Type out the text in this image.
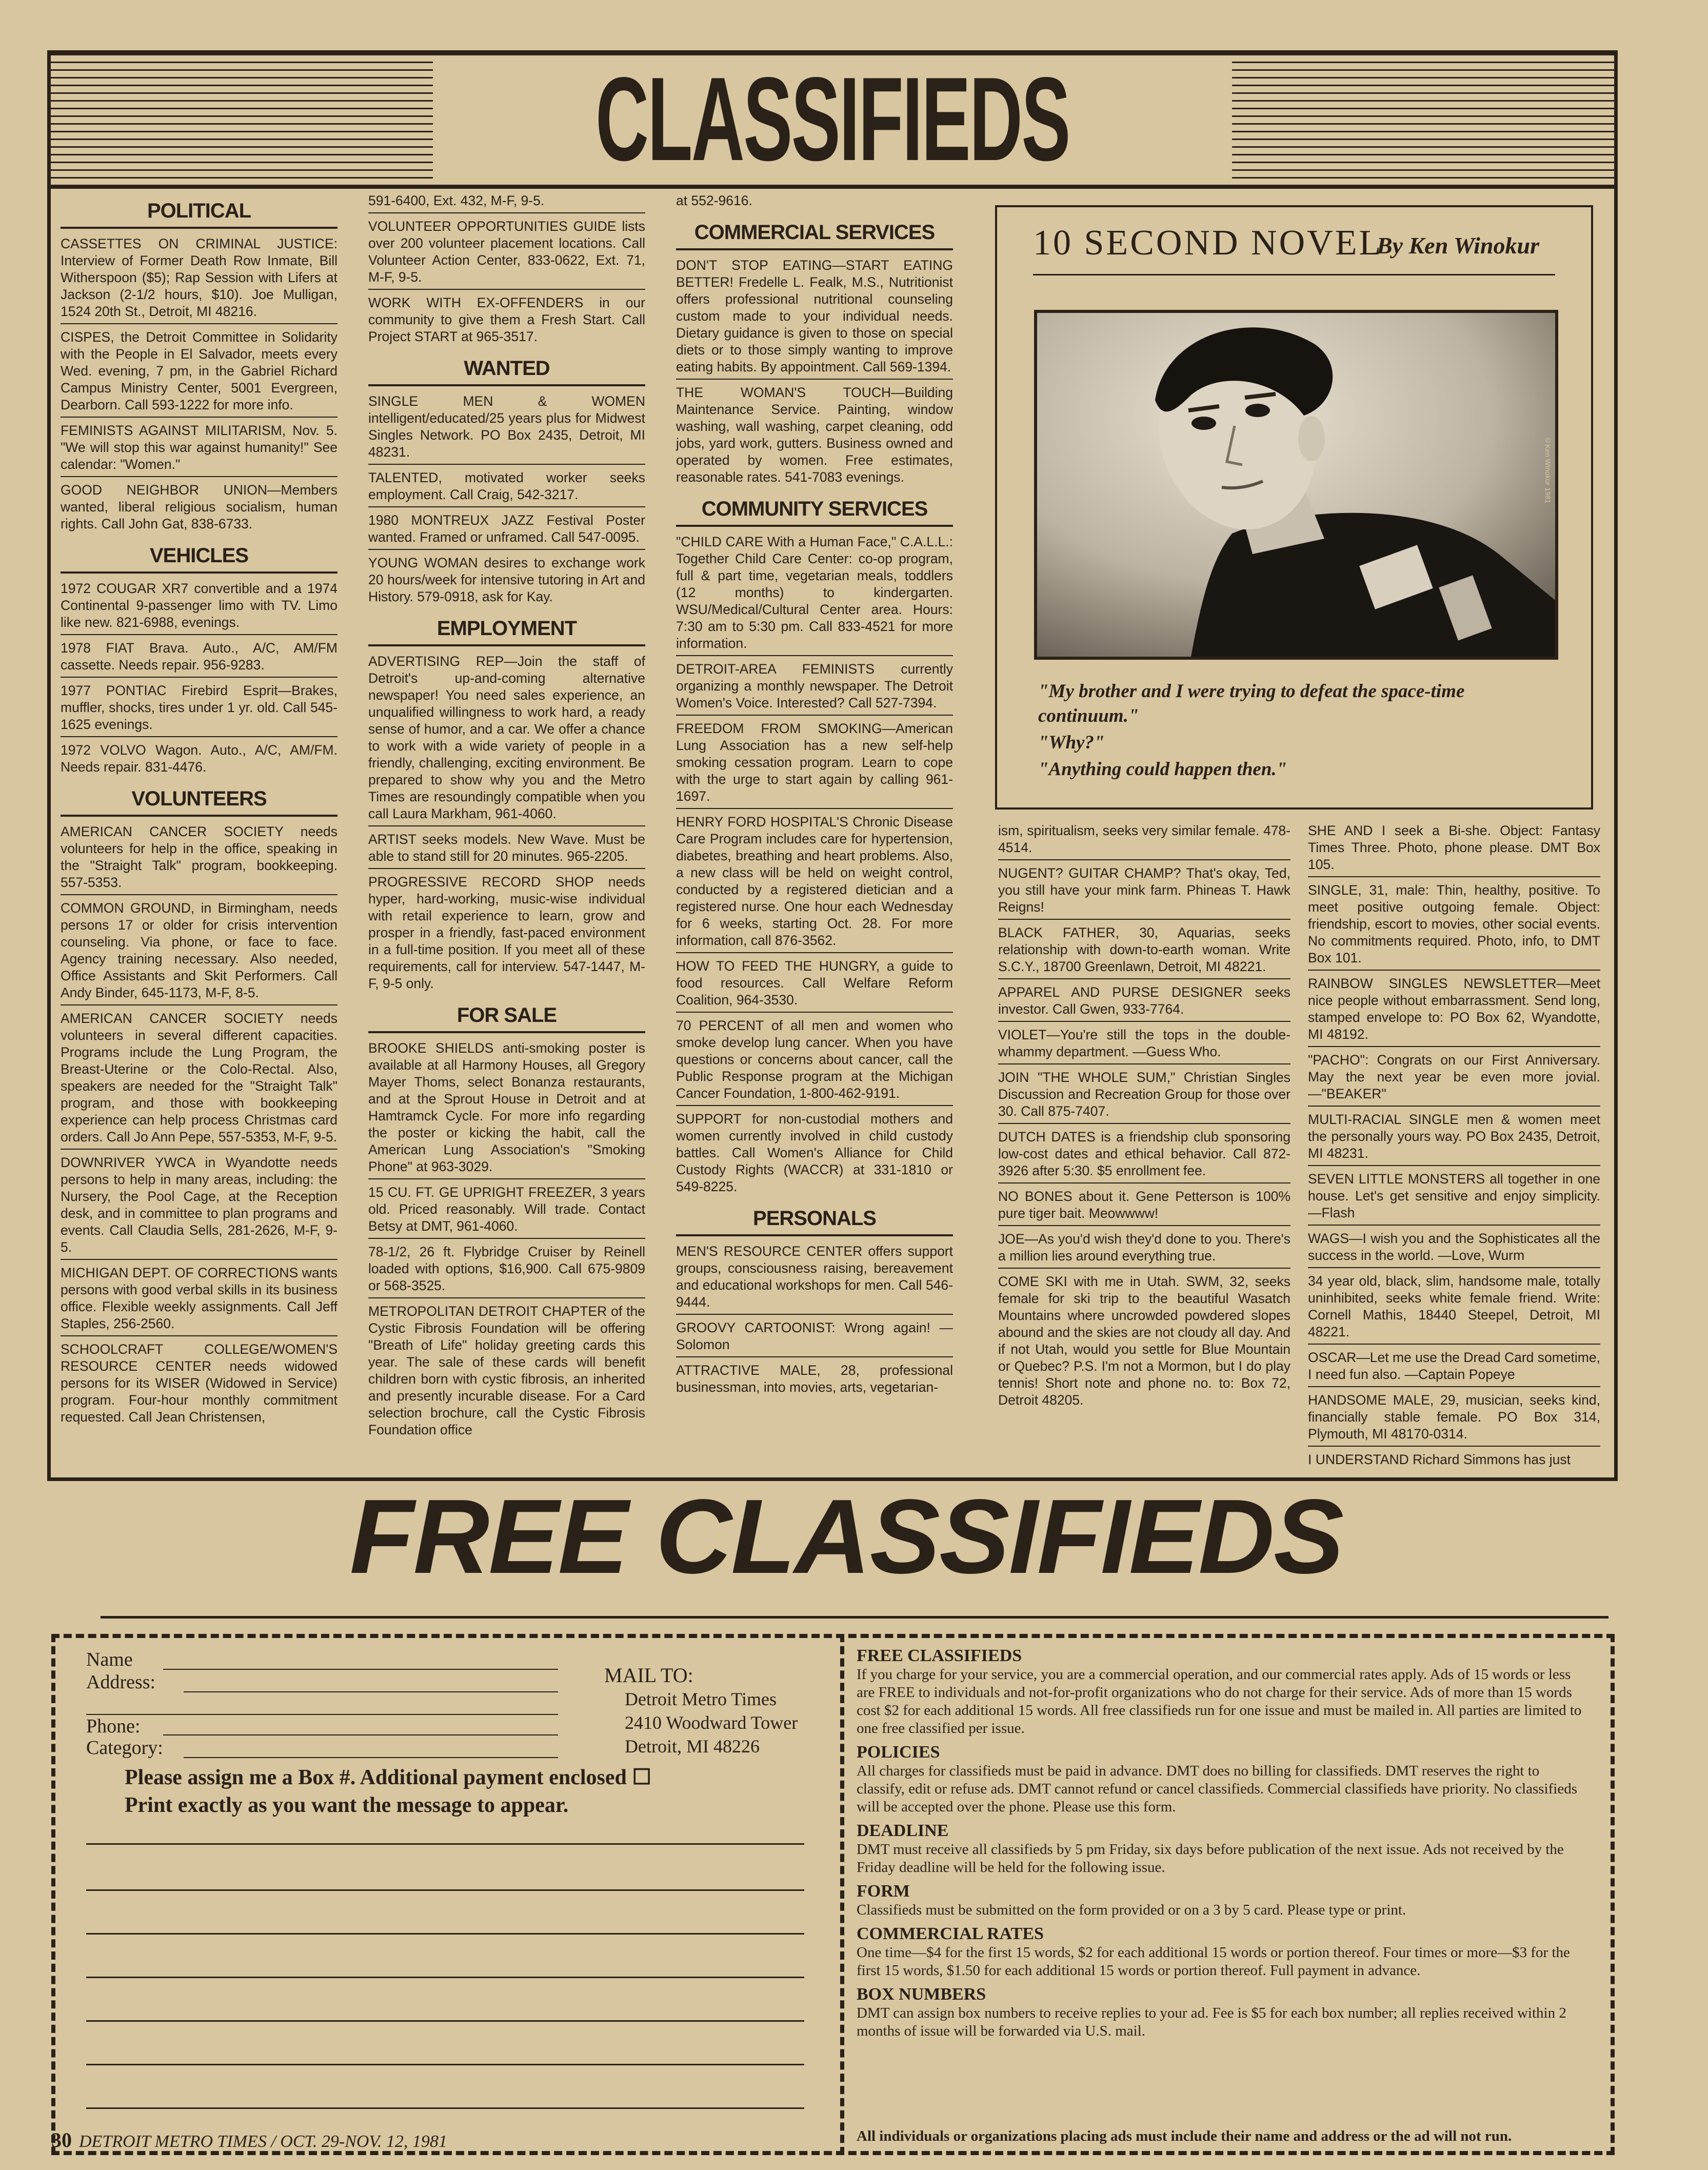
CLASSIFIEDS
POLITICAL
CASSETTES ON CRIMINAL JUSTICE: Interview of Former Death Row Inmate, Bill Witherspoon ($5); Rap Session with Lifers at Jackson (2-1/2 hours, $10). Joe Mulligan, 1524 20th St., Detroit, MI 48216.
CISPES, the Detroit Committee in Solidarity with the People in El Salvador, meets every Wed. evening, 7 pm, in the Gabriel Richard Campus Ministry Center, 5001 Evergreen, Dearborn. Call 593-1222 for more info.
FEMINISTS AGAINST MILITARISM, Nov. 5. "We will stop this war against humanity!" See calendar: "Women."
GOOD NEIGHBOR UNION—Members wanted, liberal religious socialism, human rights. Call John Gat, 838-6733.
VEHICLES
1972 COUGAR XR7 convertible and a 1974 Continental 9-passenger limo with TV. Limo like new. 821-6988, evenings.
1978 FIAT Brava. Auto., A/C, AM/FM cassette. Needs repair. 956-9283.
1977 PONTIAC Firebird Esprit—Brakes, muffler, shocks, tires under 1 yr. old. Call 545-1625 evenings.
1972 VOLVO Wagon. Auto., A/C, AM/FM. Needs repair. 831-4476.
VOLUNTEERS
AMERICAN CANCER SOCIETY needs volunteers for help in the office, speaking in the "Straight Talk" program, bookkeeping. 557-5353.
COMMON GROUND, in Birmingham, needs persons 17 or older for crisis intervention counseling. Via phone, or face to face. Agency training necessary. Also needed, Office Assistants and Skit Performers. Call Andy Binder, 645-1173, M-F, 8-5.
AMERICAN CANCER SOCIETY needs volunteers in several different capacities. Programs include the Lung Program, the Breast-Uterine or the Colo-Rectal. Also, speakers are needed for the "Straight Talk" program, and those with bookkeeping experience can help process Christmas card orders. Call Jo Ann Pepe, 557-5353, M-F, 9-5.
DOWNRIVER YWCA in Wyandotte needs persons to help in many areas, including: the Nursery, the Pool Cage, at the Reception desk, and in committee to plan programs and events. Call Claudia Sells, 281-2626, M-F, 9-5.
MICHIGAN DEPT. OF CORRECTIONS wants persons with good verbal skills in its business office. Flexible weekly assignments. Call Jeff Staples, 256-2560.
SCHOOLCRAFT COLLEGE/WOMEN'S RESOURCE CENTER needs widowed persons for its WISER (Widowed in Service) program. Four-hour monthly commitment requested. Call Jean Christensen,
591-6400, Ext. 432, M-F, 9-5.
VOLUNTEER OPPORTUNITIES GUIDE lists over 200 volunteer placement locations. Call Volunteer Action Center, 833-0622, Ext. 71, M-F, 9-5.
WORK WITH EX-OFFENDERS in our community to give them a Fresh Start. Call Project START at 965-3517.
WANTED
SINGLE MEN & WOMEN intelligent/educated/25 years plus for Midwest Singles Network. PO Box 2435, Detroit, MI 48231.
TALENTED, motivated worker seeks employment. Call Craig, 542-3217.
1980 MONTREUX JAZZ Festival Poster wanted. Framed or unframed. Call 547-0095.
YOUNG WOMAN desires to exchange work 20 hours/week for intensive tutoring in Art and History. 579-0918, ask for Kay.
EMPLOYMENT
ADVERTISING REP—Join the staff of Detroit's up-and-coming alternative newspaper! You need sales experience, an unqualified willingness to work hard, a ready sense of humor, and a car. We offer a chance to work with a wide variety of people in a friendly, challenging, exciting environment. Be prepared to show why you and the Metro Times are resoundingly compatible when you call Laura Markham, 961-4060.
ARTIST seeks models. New Wave. Must be able to stand still for 20 minutes. 965-2205.
PROGRESSIVE RECORD SHOP needs hyper, hard-working, music-wise individual with retail experience to learn, grow and prosper in a friendly, fast-paced environment in a full-time position. If you meet all of these requirements, call for interview. 547-1447, M-F, 9-5 only.
FOR SALE
BROOKE SHIELDS anti-smoking poster is available at all Harmony Houses, all Gregory Mayer Thoms, select Bonanza restaurants, and at the Sprout House in Detroit and at Hamtramck Cycle. For more info regarding the poster or kicking the habit, call the American Lung Association's "Smoking Phone" at 963-3029.
15 CU. FT. GE UPRIGHT FREEZER, 3 years old. Priced reasonably. Will trade. Contact Betsy at DMT, 961-4060.
78-1/2, 26 ft. Flybridge Cruiser by Reinell loaded with options, $16,900. Call 675-9809 or 568-3525.
METROPOLITAN DETROIT CHAPTER of the Cystic Fibrosis Foundation will be offering "Breath of Life" holiday greeting cards this year. The sale of these cards will benefit children born with cystic fibrosis, an inherited and presently incurable disease. For a Card selection brochure, call the Cystic Fibrosis Foundation office
at 552-9616.
COMMERCIAL SERVICES
DON'T STOP EATING—START EATING BETTER! Fredelle L. Fealk, M.S., Nutritionist offers professional nutritional counseling custom made to your individual needs. Dietary guidance is given to those on special diets or to those simply wanting to improve eating habits. By appointment. Call 569-1394.
THE WOMAN'S TOUCH—Building Maintenance Service. Painting, window washing, wall washing, carpet cleaning, odd jobs, yard work, gutters. Business owned and operated by women. Free estimates, reasonable rates. 541-7083 evenings.
COMMUNITY SERVICES
"CHILD CARE With a Human Face," C.A.L.L.: Together Child Care Center: co-op program, full & part time, vegetarian meals, toddlers (12 months) to kindergarten. WSU/Medical/Cultural Center area. Hours: 7:30 am to 5:30 pm. Call 833-4521 for more information.
DETROIT-AREA FEMINISTS currently organizing a monthly newspaper. The Detroit Women's Voice. Interested? Call 527-7394.
FREEDOM FROM SMOKING—American Lung Association has a new self-help smoking cessation program. Learn to cope with the urge to start again by calling 961-1697.
HENRY FORD HOSPITAL'S Chronic Disease Care Program includes care for hypertension, diabetes, breathing and heart problems. Also, a new class will be held on weight control, conducted by a registered dietician and a registered nurse. One hour each Wednesday for 6 weeks, starting Oct. 28. For more information, call 876-3562.
HOW TO FEED THE HUNGRY, a guide to food resources. Call Welfare Reform Coalition, 964-3530.
70 PERCENT of all men and women who smoke develop lung cancer. When you have questions or concerns about cancer, call the Public Response program at the Michigan Cancer Foundation, 1-800-462-9191.
SUPPORT for non-custodial mothers and women currently involved in child custody battles. Call Women's Alliance for Child Custody Rights (WACCR) at 331-1810 or 549-8225.
PERSONALS
MEN'S RESOURCE CENTER offers support groups, consciousness raising, bereavement and educational workshops for men. Call 546-9444.
GROOVY CARTOONIST: Wrong again! —Solomon
ATTRACTIVE MALE, 28, professional businessman, into movies, arts, vegetarian-
10 SECOND NOVEL
By Ken Winokur
©Ken Winokur 1981
"My brother and I were trying to defeat the space-time continuum."
"Why?"
"Anything could happen then."
ism, spiritualism, seeks very similar female. 478-4514.
NUGENT? GUITAR CHAMP? That's okay, Ted, you still have your mink farm. Phineas T. Hawk Reigns!
BLACK FATHER, 30, Aquarias, seeks relationship with down-to-earth woman. Write S.C.Y., 18700 Greenlawn, Detroit, MI 48221.
APPAREL AND PURSE DESIGNER seeks investor. Call Gwen, 933-7764.
VIOLET—You're still the tops in the double-whammy department. —Guess Who.
JOIN "THE WHOLE SUM," Christian Singles Discussion and Recreation Group for those over 30. Call 875-7407.
DUTCH DATES is a friendship club sponsoring low-cost dates and ethical behavior. Call 872-3926 after 5:30. $5 enrollment fee.
NO BONES about it. Gene Petterson is 100% pure tiger bait. Meowwww!
JOE—As you'd wish they'd done to you. There's a million lies around everything true.
COME SKI with me in Utah. SWM, 32, seeks female for ski trip to the beautiful Wasatch Mountains where uncrowded powdered slopes abound and the skies are not cloudy all day. And if not Utah, would you settle for Blue Mountain or Quebec? P.S. I'm not a Mormon, but I do play tennis! Short note and phone no. to: Box 72, Detroit 48205.
SHE AND I seek a Bi-she. Object: Fantasy Times Three. Photo, phone please. DMT Box 105.
SINGLE, 31, male: Thin, healthy, positive. To meet positive outgoing female. Object: friendship, escort to movies, other social events. No commitments required. Photo, info, to DMT Box 101.
RAINBOW SINGLES NEWSLETTER—Meet nice people without embarrassment. Send long, stamped envelope to: PO Box 62, Wyandotte, MI 48192.
"PACHO": Congrats on our First Anniversary. May the next year be even more jovial. —"BEAKER"
MULTI-RACIAL SINGLE men & women meet the personally yours way. PO Box 2435, Detroit, MI 48231.
SEVEN LITTLE MONSTERS all together in one house. Let's get sensitive and enjoy simplicity. —Flash
WAGS—I wish you and the Sophisticates all the success in the world. —Love, Wurm
34 year old, black, slim, handsome male, totally uninhibited, seeks white female friend. Write: Cornell Mathis, 18440 Steepel, Detroit, MI 48221.
OSCAR—Let me use the Dread Card sometime, I need fun also. —Captain Popeye
HANDSOME MALE, 29, musician, seeks kind, financially stable female. PO Box 314, Plymouth, MI 48170-0314.
I UNDERSTAND Richard Simmons has just
FREE CLASSIFIEDS
Name
Address:
Phone:
Category:
MAIL TO:
Detroit Metro Times
2410 Woodward Tower
Detroit, MI 48226
Please assign me a Box #. Additional payment enclosed ☐
Print exactly as you want the message to appear.
FREE CLASSIFIEDS
If you charge for your service, you are a commercial operation, and our commercial rates apply. Ads of 15 words or less are FREE to individuals and not-for-profit organizations who do not charge for their service. Ads of more than 15 words cost $2 for each additional 15 words. All free classifieds run for one issue and must be mailed in. All parties are limited to one free classified per issue.
POLICIES
All charges for classifieds must be paid in advance. DMT does no billing for classifieds. DMT reserves the right to classify, edit or refuse ads. DMT cannot refund or cancel classifieds. Commercial classifieds have priority. No classifieds will be accepted over the phone. Please use this form.
DEADLINE
DMT must receive all classifieds by 5 pm Friday, six days before publication of the next issue. Ads not received by the Friday deadline will be held for the following issue.
FORM
Classifieds must be submitted on the form provided or on a 3 by 5 card. Please type or print.
COMMERCIAL RATES
One time—$4 for the first 15 words, $2 for each additional 15 words or portion thereof. Four times or more—$3 for the first 15 words, $1.50 for each additional 15 words or portion thereof. Full payment in advance.
BOX NUMBERS
DMT can assign box numbers to receive replies to your ad. Fee is $5 for each box number; all replies received within 2 months of issue will be forwarded via U.S. mail.
All individuals or organizations placing ads must include their name and address or the ad will not run.
30 DETROIT METRO TIMES / OCT. 29-NOV. 12, 1981
